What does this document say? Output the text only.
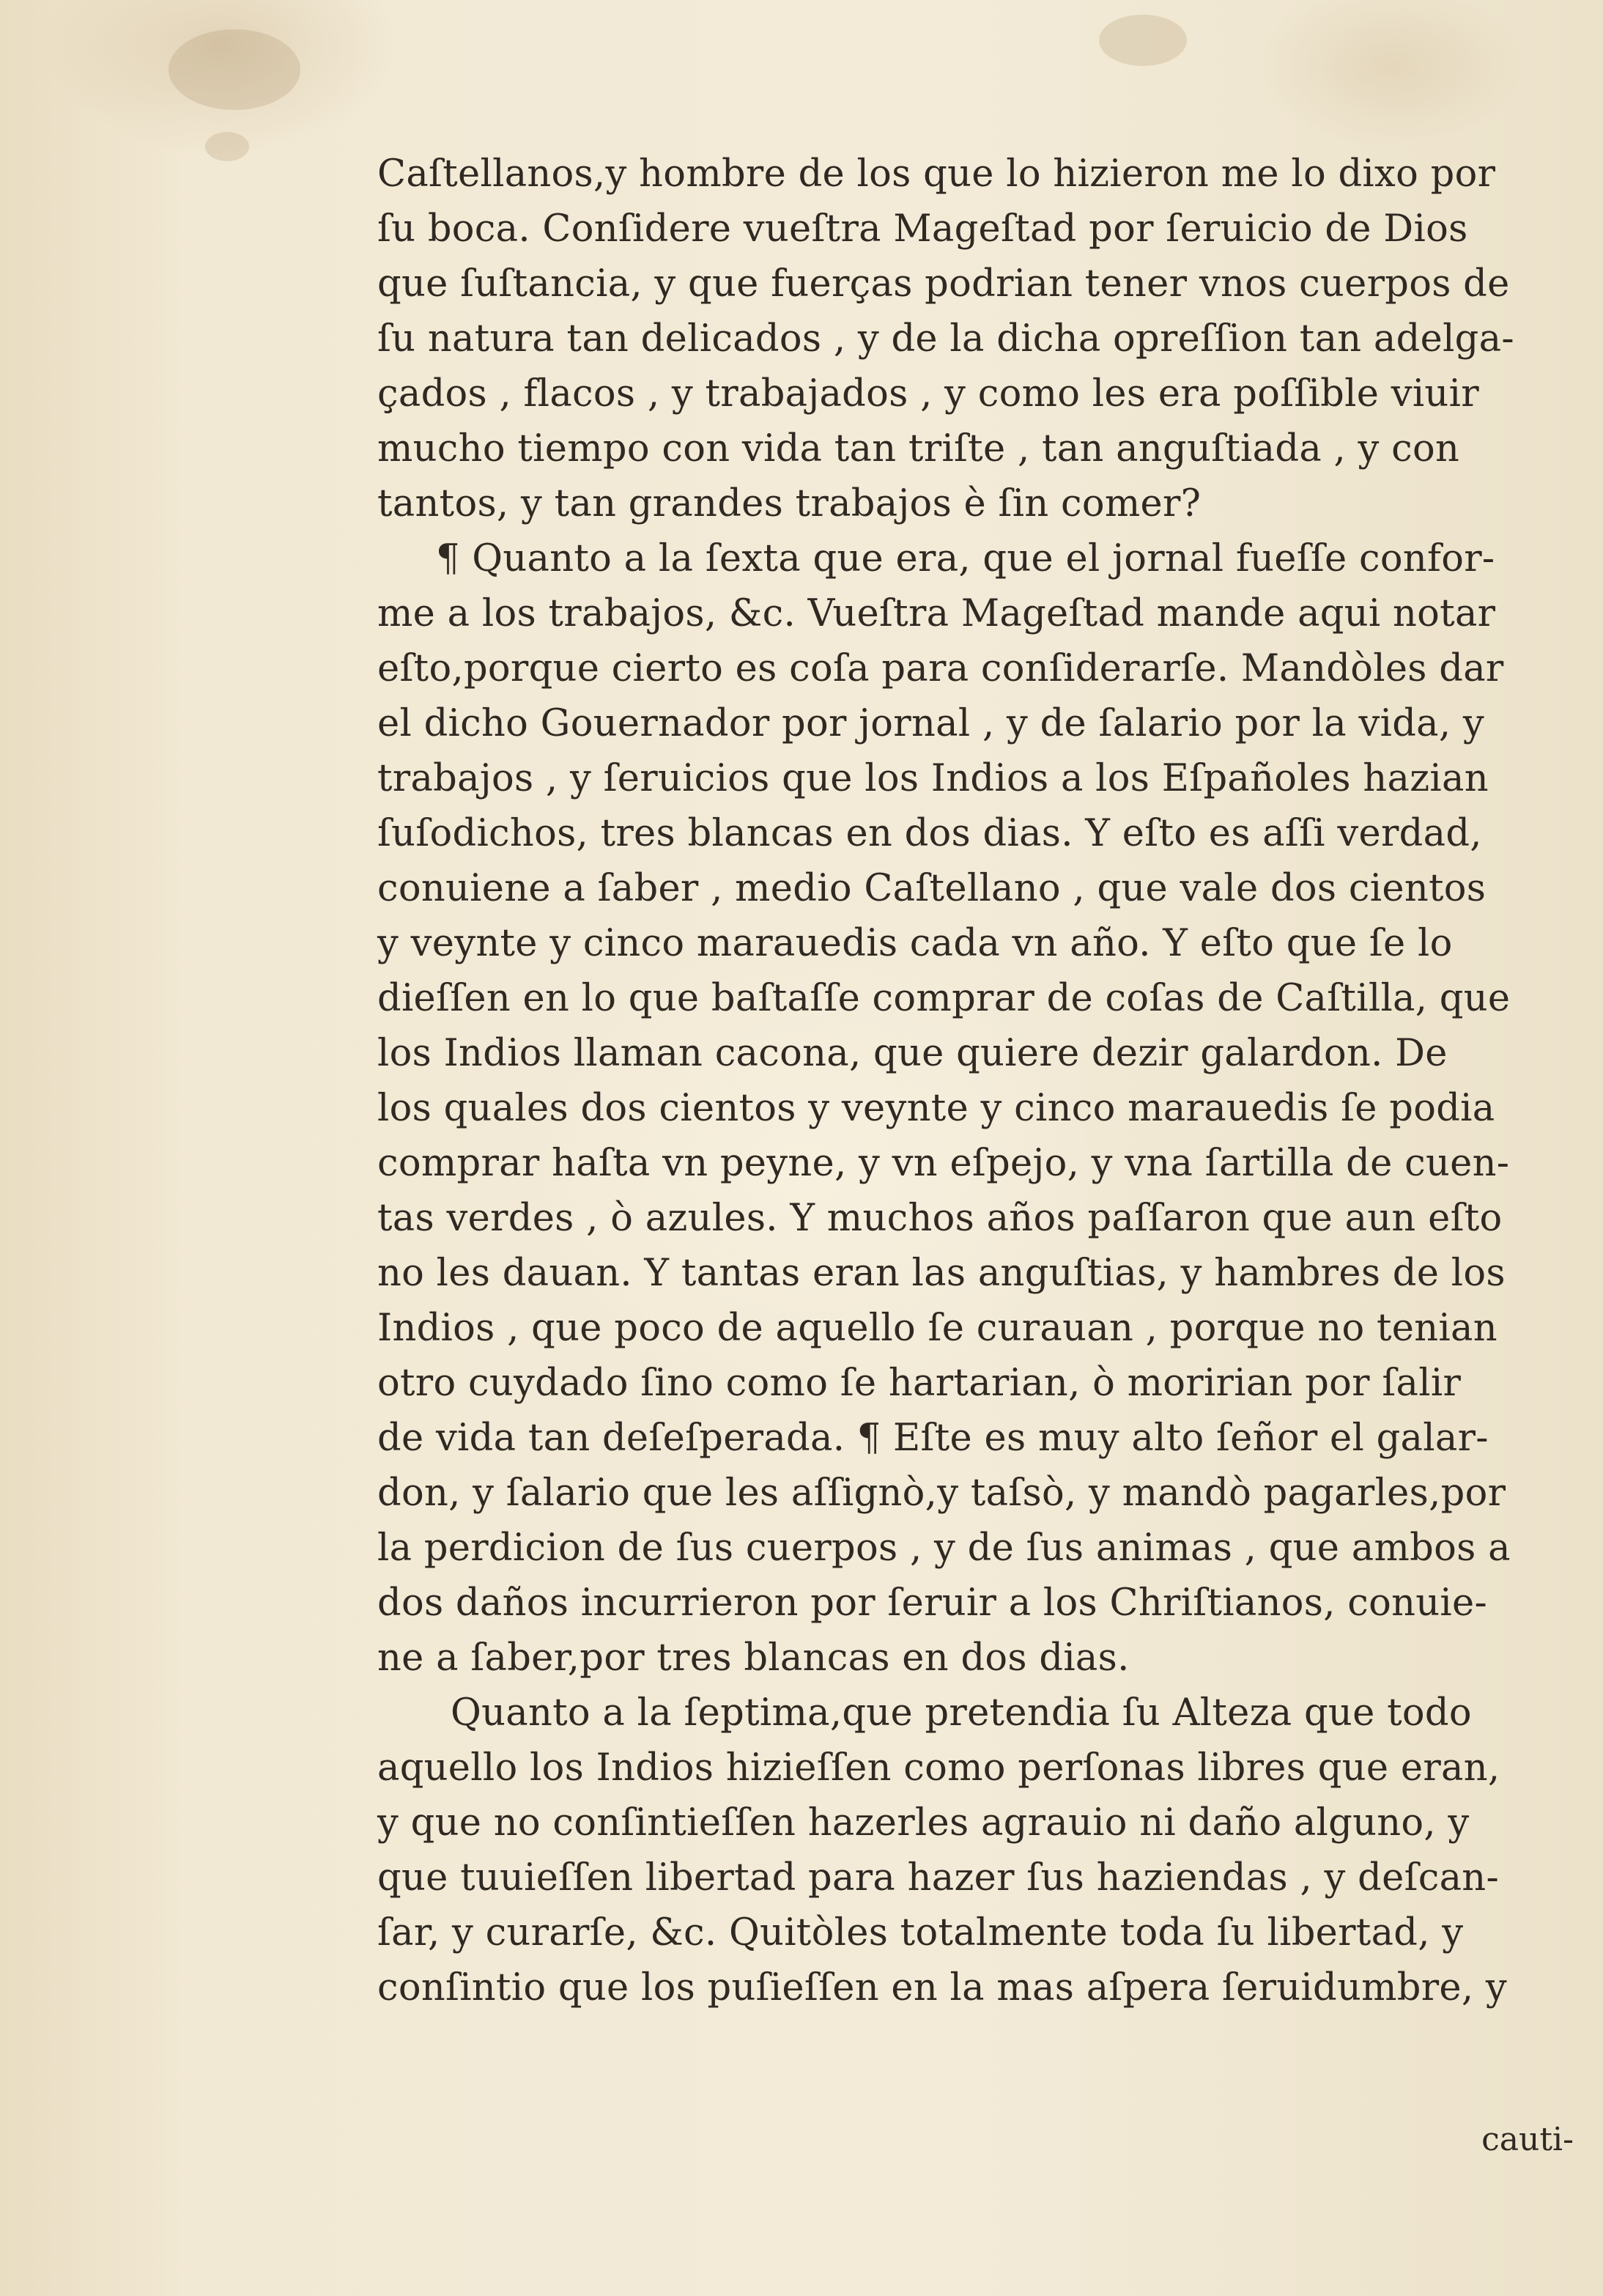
Caſtellanos,y hombre de los que lo hizieron me lo dixo por
ſu boca. Conſidere vueſtra Mageſtad por ſeruicio de Dios
que ſuſtancia, y que fuerças podrian tener vnos cuerpos de
ſu natura tan delicados , y de la dicha opreſſion tan adelga-
çados , flacos , y trabajados , y como les era poſſible viuir
mucho tiempo con vida tan triſte , tan anguſtiada , y con
tantos, y tan grandes trabajos è ſin comer?
¶ Quanto a la ſexta que era, que el jornal fueſſe confor-
me a los trabajos, &c. Vueſtra Mageſtad mande aqui notar
eſto,porque cierto es coſa para conſiderarſe. Mandòles dar
el dicho Gouernador por jornal , y de ſalario por la vida, y
trabajos , y ſeruicios que los Indios a los Eſpañoles hazian
ſuſodichos, tres blancas en dos dias. Y eſto es aſſi verdad,
conuiene a ſaber , medio Caſtellano , que vale dos cientos
y veynte y cinco marauedis cada vn año. Y eſto que ſe lo
dieſſen en lo que baſtaſſe comprar de coſas de Caſtilla, que
los Indios llaman cacona, que quiere dezir galardon. De
los quales dos cientos y veynte y cinco marauedis ſe podia
comprar haſta vn peyne, y vn eſpejo, y vna ſartilla de cuen-
tas verdes , ò azules. Y muchos años paſſaron que aun eſto
no les dauan. Y tantas eran las anguſtias, y hambres de los
Indios , que poco de aquello ſe curauan , porque no tenian
otro cuydado ſino como ſe hartarian, ò moririan por ſalir
de vida tan deſeſperada. ¶ Eſte es muy alto ſeñor el galar-
don, y ſalario que les aſſignò,y taſsò, y mandò pagarles,por
la perdicion de ſus cuerpos , y de ſus animas , que ambos a
dos daños incurrieron por ſeruir a los Chriſtianos, conuie-
ne a ſaber,por tres blancas en dos dias.
Quanto a la ſeptima,que pretendia ſu Alteza que todo
aquello los Indios hizieſſen como perſonas libres que eran,
y que no conſintieſſen hazerles agrauio ni daño alguno, y
que tuuieſſen libertad para hazer ſus haziendas , y deſcan-
ſar, y curarſe, &c. Quitòles totalmente toda ſu libertad, y
conſintio que los puſieſſen en la mas aſpera ſeruidumbre, y
cauti-
